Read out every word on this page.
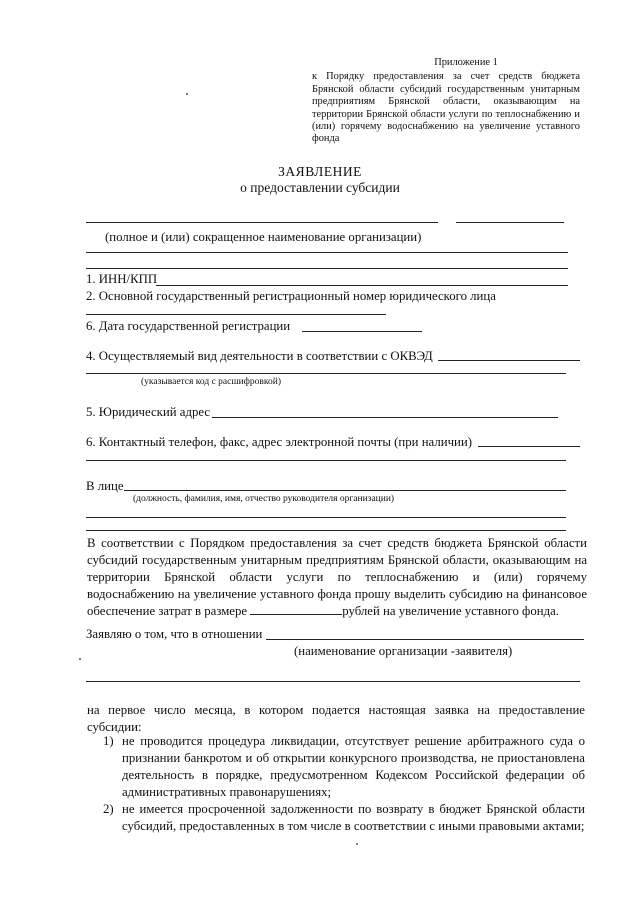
Приложение 1
к Порядку предоставления за счет средств бюджета Брянской области субсидий государственным унитарным предприятиям Брянской области, оказывающим на территории Брянской области услуги по теплоснабжению и (или) горячему водоснабжению на увеличение уставного фонда
ЗАЯВЛЕНИЕ
о предоставлении субсидии
(полное и (или) сокращенное наименование организации)
1. ИНН/КПП
2. Основной государственный регистрационный номер юридического лица
6. Дата государственной регистрации
4. Осуществляемый вид деятельности в соответствии с ОКВЭД
(указывается код с расшифровкой)
5. Юридический адрес
6. Контактный телефон, факс, адрес электронной почты (при наличии)
В лице
(должность, фамилия, имя, отчество руководителя организации)
В соответствии с Порядком предоставления за счет средств бюджета Брянской области субсидий государственным унитарным предприятиям Брянской области, оказывающим на территории Брянской области услуги по теплоснабжению и (или) горячему водоснабжению на увеличение уставного фонда прошу выделить субсидию на финансовое обеспечение затрат в размере	рублей на увеличение уставного фонда.
Заявляю о том, что в отношении
(наименование организации -заявителя)
на первое число месяца, в котором подается настоящая заявка на предоставление субсидии:
1) не проводится процедура ликвидации, отсутствует решение арбитражного суда о признании банкротом и об открытии конкурсного производства, не приостановлена деятельность в порядке, предусмотренном Кодексом Российской федерации об административных правонарушениях;
2) не имеется просроченной задолженности по возврату в бюджет Брянской области субсидий, предоставленных в том числе в соответствии с иными правовыми актами;
